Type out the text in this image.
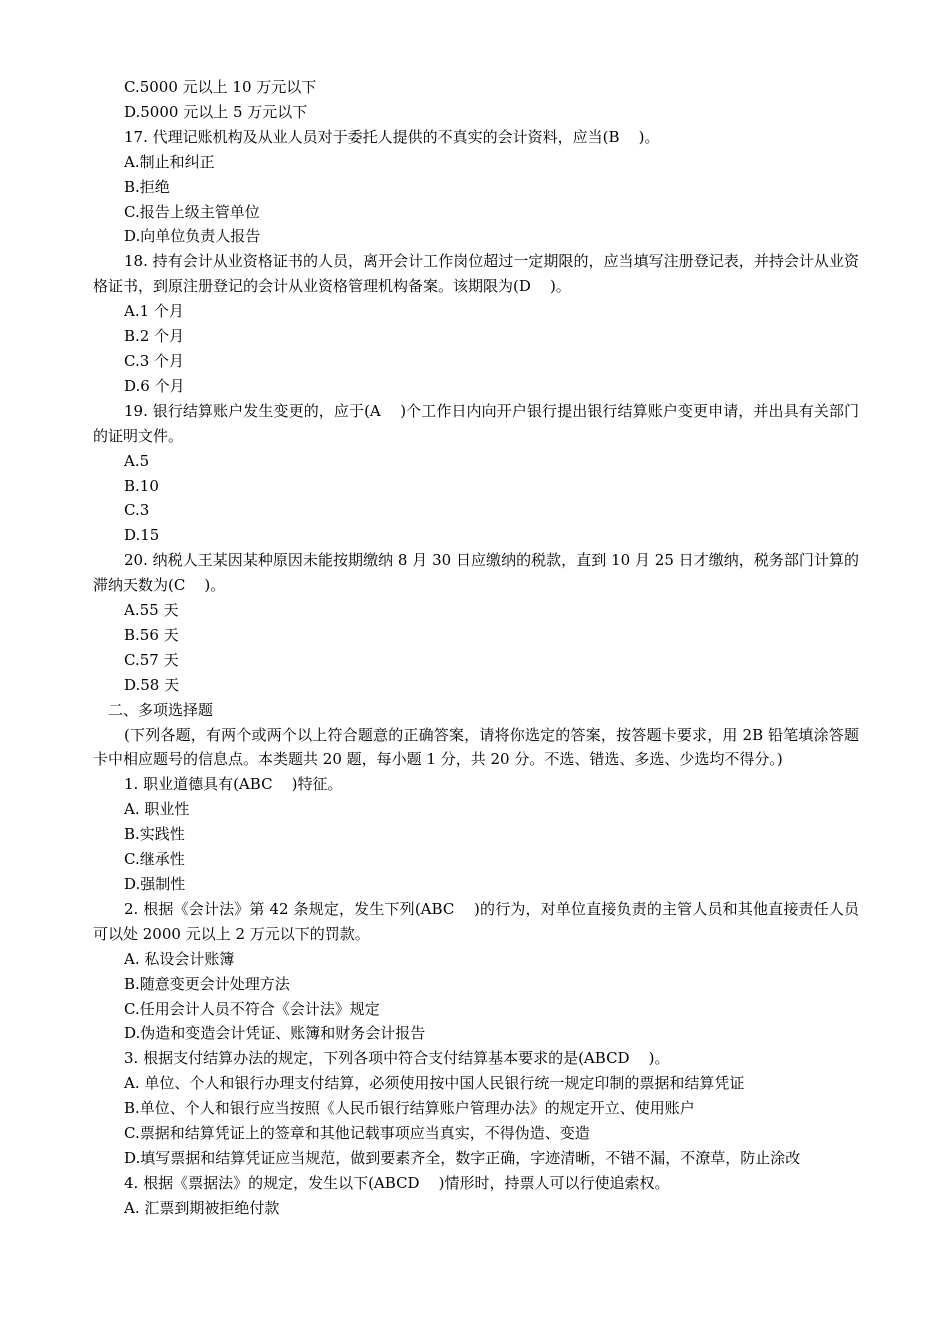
C.5000 元以上 10 万元以下

D.5000 元以上 5 万元以下

17. 代理记账机构及从业人员对于委托人提供的不真实的会计资料，应当(B    )。

A.制止和纠正

B.拒绝

C.报告上级主管单位

D.向单位负责人报告

18. 持有会计从业资格证书的人员，离开会计工作岗位超过一定期限的，应当填写注册登记表，并持会计从业资格证书，到原注册登记的会计从业资格管理机构备案。该期限为(D    )。

A.1 个月

B.2 个月

C.3 个月

D.6 个月

19. 银行结算账户发生变更的，应于(A    )个工作日内向开户银行提出银行结算账户变更申请，并出具有关部门的证明文件。

A.5

B.10

C.3

D.15

20. 纳税人王某因某种原因未能按期缴纳 8 月 30 日应缴纳的税款，直到 10 月 25 日才缴纳，税务部门计算的滞纳天数为(C    )。

A.55 天

B.56 天

C.57 天

D.58 天

二、多项选择题

(下列各题，有两个或两个以上符合题意的正确答案，请将你选定的答案，按答题卡要求，用 2B 铅笔填涂答题卡中相应题号的信息点。本类题共 20 题，每小题 1 分，共 20 分。不选、错选、多选、少选均不得分。)

1. 职业道德具有(ABC    )特征。

A. 职业性

B.实践性

C.继承性

D.强制性

2. 根据《会计法》第 42 条规定，发生下列(ABC    )的行为，对单位直接负责的主管人员和其他直接责任人员可以处 2000 元以上 2 万元以下的罚款。

A. 私设会计账簿

B.随意变更会计处理方法

C.任用会计人员不符合《会计法》规定

D.伪造和变造会计凭证、账簿和财务会计报告

3. 根据支付结算办法的规定，下列各项中符合支付结算基本要求的是(ABCD    )。

A. 单位、个人和银行办理支付结算，必须使用按中国人民银行统一规定印制的票据和结算凭证

B.单位、个人和银行应当按照《人民币银行结算账户管理办法》的规定开立、使用账户

C.票据和结算凭证上的签章和其他记载事项应当真实，不得伪造、变造

D.填写票据和结算凭证应当规范，做到要素齐全，数字正确，字迹清晰，不错不漏，不潦草，防止涂改

4. 根据《票据法》的规定，发生以下(ABCD    )情形时，持票人可以行使追索权。

A. 汇票到期被拒绝付款
